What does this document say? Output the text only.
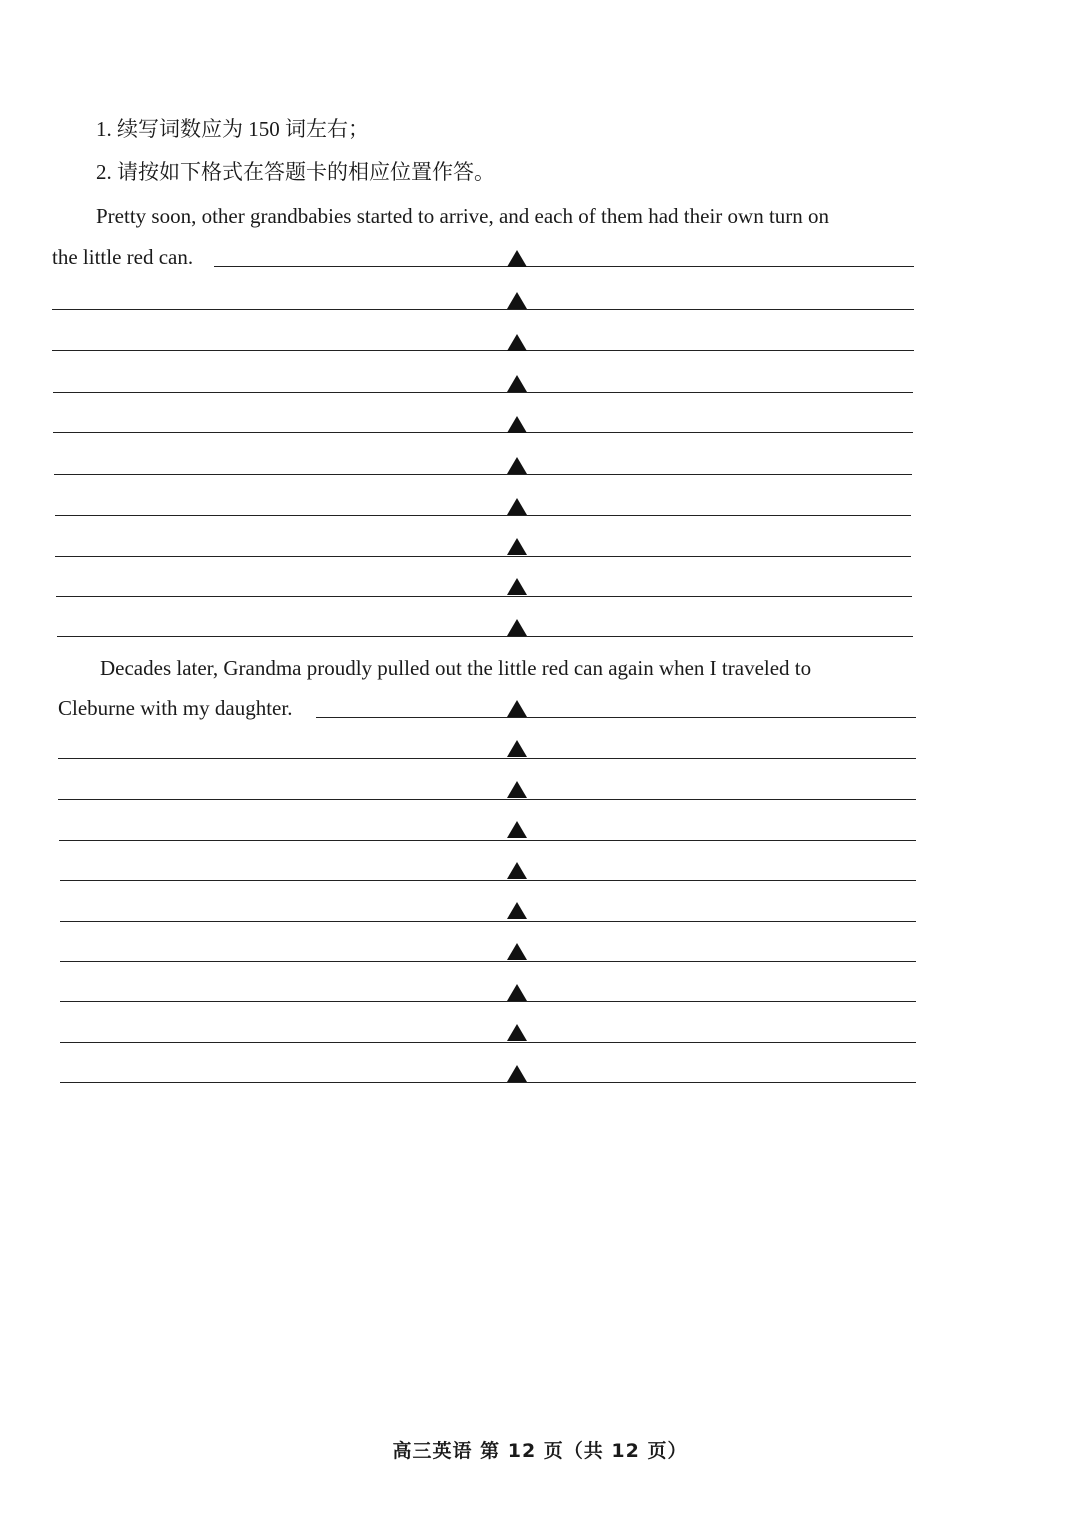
1. 续写词数应为 150 词左右；
2. 请按如下格式在答题卡的相应位置作答。
Pretty soon, other grandbabies started to arrive, and each of them had their own turn on
the little red can.
Decades later, Grandma proudly pulled out the little red can again when I traveled to
Cleburne with my daughter.
高三英语 第 12 页（共 12 页）
